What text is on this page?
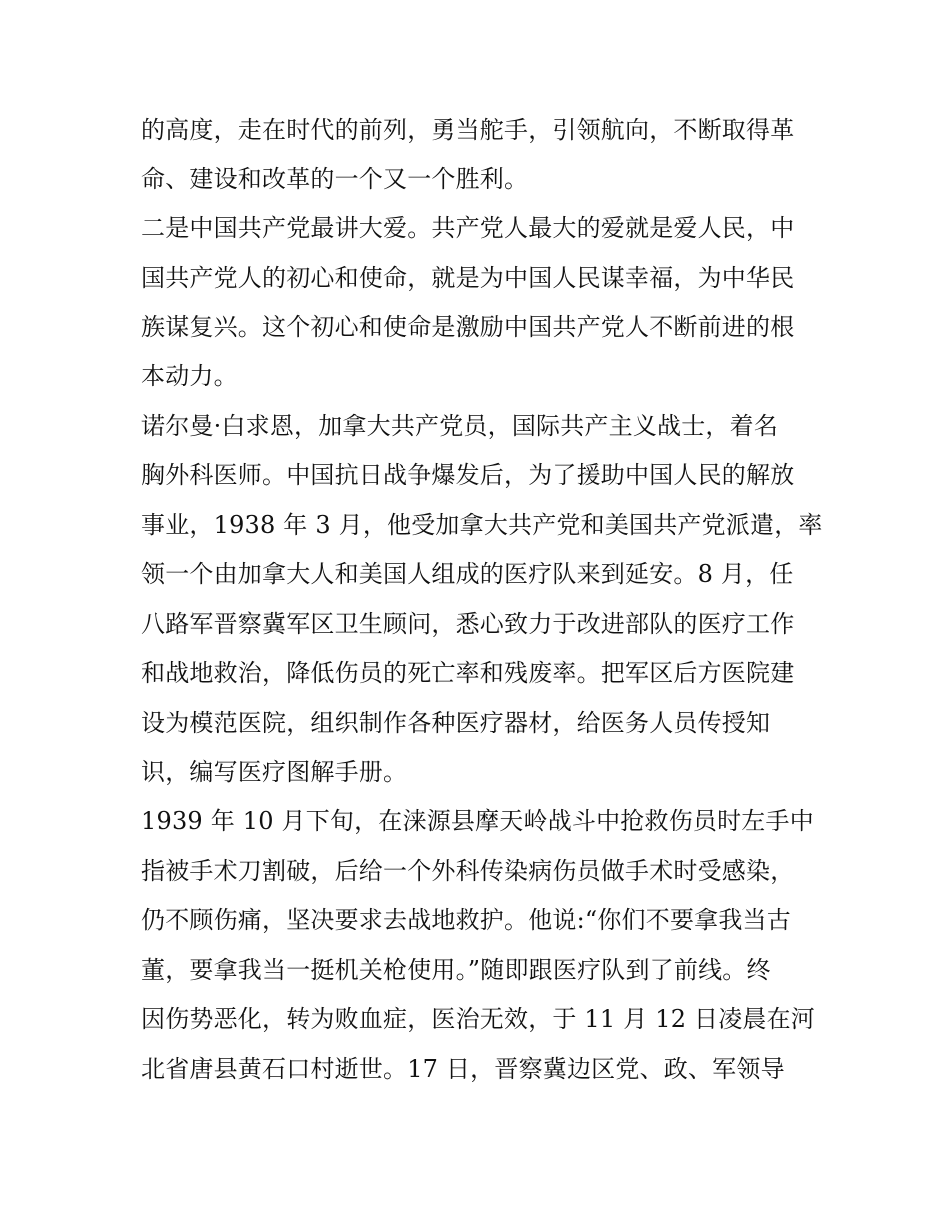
的高度，走在时代的前列，勇当舵手，引领航向，不断取得革
命、建设和改革的一个又一个胜利。
二是中国共产党最讲大爱。共产党人最大的爱就是爱人民，中
国共产党人的初心和使命，就是为中国人民谋幸福，为中华民
族谋复兴。这个初心和使命是激励中国共产党人不断前进的根
本动力。
诺尔曼·白求恩，加拿大共产党员，国际共产主义战士，着名
胸外科医师。中国抗日战争爆发后，为了援助中国人民的解放
事业，1938 年 3 月，他受加拿大共产党和美国共产党派遣，率
领一个由加拿大人和美国人组成的医疗队来到延安。8 月，任
八路军晋察冀军区卫生顾问，悉心致力于改进部队的医疗工作
和战地救治，降低伤员的死亡率和残废率。把军区后方医院建
设为模范医院，组织制作各种医疗器材，给医务人员传授知
识，编写医疗图解手册。
1939 年 10 月下旬，在涞源县摩天岭战斗中抢救伤员时左手中
指被手术刀割破，后给一个外科传染病伤员做手术时受感染，
仍不顾伤痛，坚决要求去战地救护。他说:“你们不要拿我当古
董，要拿我当一挺机关枪使用。”随即跟医疗队到了前线。终
因伤势恶化，转为败血症，医治无效，于 11 月 12 日凌晨在河
北省唐县黄石口村逝世。17 日，晋察冀边区党、政、军领导
